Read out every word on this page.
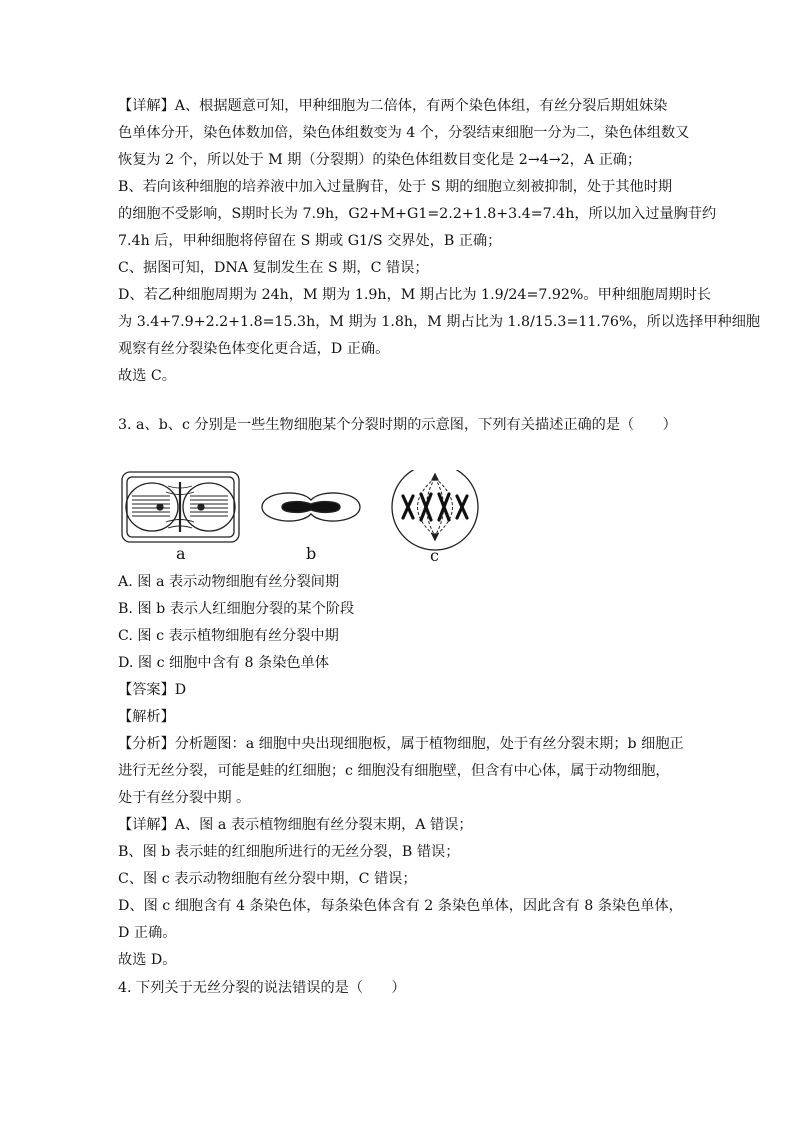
【详解】A、根据题意可知，甲种细胞为二倍体，有两个染色体组，有丝分裂后期姐妹染
色单体分开，染色体数加倍，染色体组数变为 4 个，分裂结束细胞一分为二，染色体组数又
恢复为 2 个，所以处于 M 期（分裂期）的染色体组数目变化是 2→4→2，A 正确；
B、若向该种细胞的培养液中加入过量胸苷，处于 S 期的细胞立刻被抑制，处于其他时期
的细胞不受影响，S期时长为 7.9h，G2+M+G1=2.2+1.8+3.4=7.4h，所以加入过量胸苷约
7.4h 后，甲种细胞将停留在 S 期或 G1/S 交界处，B 正确；
C、据图可知，DNA 复制发生在 S 期，C 错误；
D、若乙种细胞周期为 24h，M 期为 1.9h，M 期占比为 1.9/24=7.92%。甲种细胞周期时长
为 3.4+7.9+2.2+1.8=15.3h，M 期为 1.8h，M 期占比为 1.8/15.3=11.76%，所以选择甲种细胞
观察有丝分裂染色体变化更合适，D 正确。
故选 C。
3. a、b、c 分别是一些生物细胞某个分裂时期的示意图，下列有关描述正确的是（　　）
a	b	c
A. 图 a 表示动物细胞有丝分裂间期
B. 图 b 表示人红细胞分裂的某个阶段
C. 图 c 表示植物细胞有丝分裂中期
D. 图 c 细胞中含有 8 条染色单体
【答案】D
【解析】
【分析】分析题图：a 细胞中央出现细胞板，属于植物细胞，处于有丝分裂末期；b 细胞正
进行无丝分裂，可能是蛙的红细胞；c 细胞没有细胞壁，但含有中心体，属于动物细胞，
处于有丝分裂中期 。
【详解】A、图 a 表示植物细胞有丝分裂末期，A 错误；
B、图 b 表示蛙的红细胞所进行的无丝分裂，B 错误；
C、图 c 表示动物细胞有丝分裂中期，C 错误；
D、图 c 细胞含有 4 条染色体，每条染色体含有 2 条染色单体，因此含有 8 条染色单体，
D 正确。
故选 D。
4. 下列关于无丝分裂的说法错误的是（　　）
